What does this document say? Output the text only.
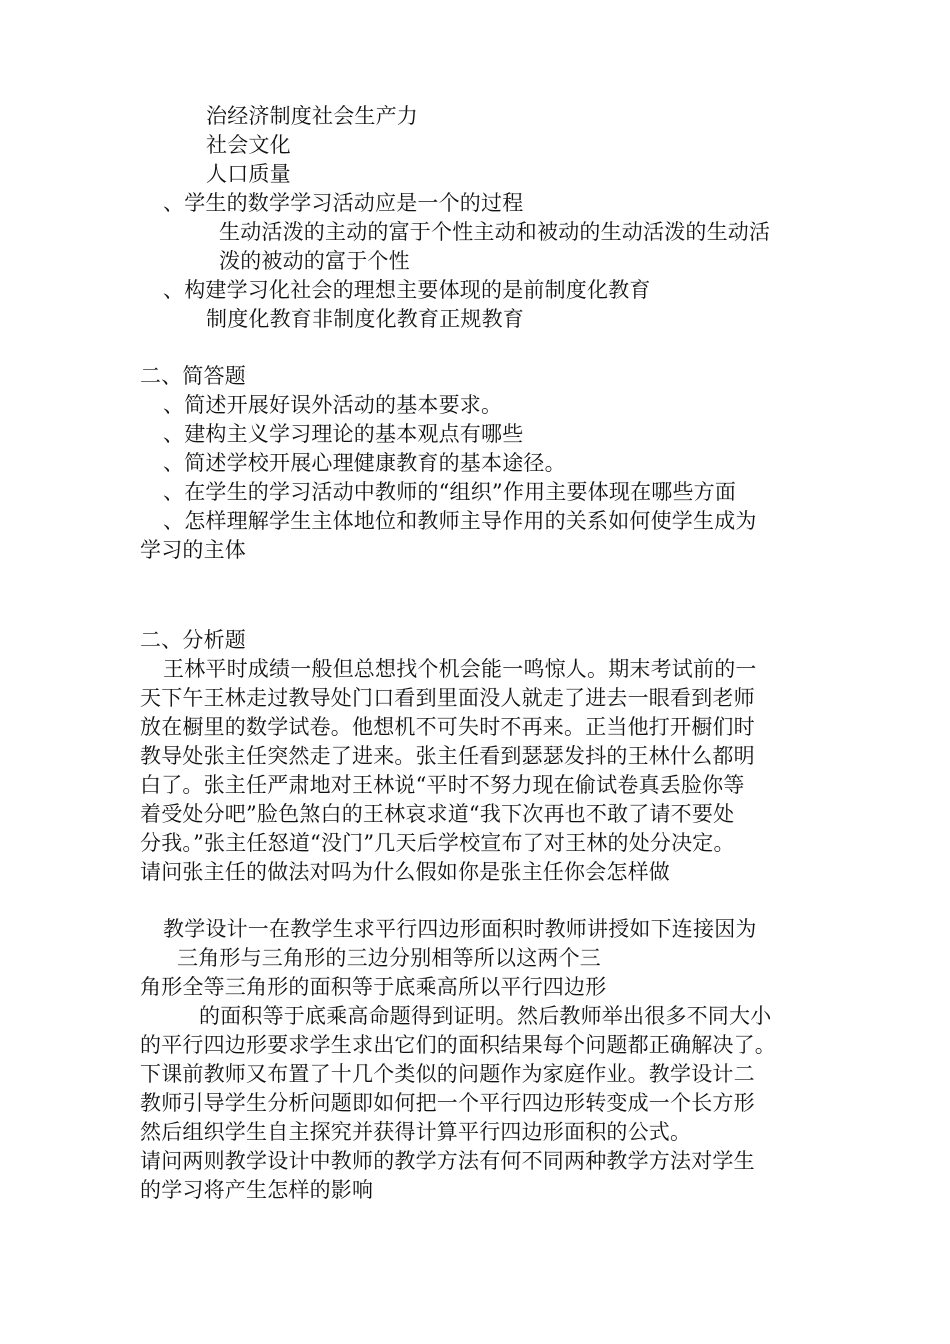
治经济制度社会生产力
社会文化
人口质量
、学生的数学学习活动应是一个的过程
生动活泼的主动的富于个性主动和被动的生动活泼的生动活
泼的被动的富于个性
、构建学习化社会的理想主要体现的是前制度化教育
制度化教育非制度化教育正规教育
二、简答题
、简述开展好误外活动的基本要求。
、建构主义学习理论的基本观点有哪些
、简述学校开展心理健康教育的基本途径。
、在学生的学习活动中教师的“组织”作用主要体现在哪些方面
、怎样理解学生主体地位和教师主导作用的关系如何使学生成为
学习的主体
二、分析题
王林平时成绩一般但总想找个机会能一鸣惊人。期末考试前的一
天下午王林走过教导处门口看到里面没人就走了进去一眼看到老师
放在橱里的数学试卷。他想机不可失时不再来。正当他打开橱们时
教导处张主任突然走了进来。张主任看到瑟瑟发抖的王林什么都明
白了。张主任严肃地对王林说“平时不努力现在偷试卷真丢脸你等
着受处分吧”脸色煞白的王林哀求道“我下次再也不敢了请不要处
分我。”张主任怒道“没门”几天后学校宣布了对王林的处分决定。
请问张主任的做法对吗为什么假如你是张主任你会怎样做
教学设计一在教学生求平行四边形面积时教师讲授如下连接因为
三角形与三角形的三边分别相等所以这两个三
角形全等三角形的面积等于底乘高所以平行四边形
的面积等于底乘高命题得到证明。然后教师举出很多不同大小
的平行四边形要求学生求出它们的面积结果每个问题都正确解决了。
下课前教师又布置了十几个类似的问题作为家庭作业。教学设计二
教师引导学生分析问题即如何把一个平行四边形转变成一个长方形
然后组织学生自主探究并获得计算平行四边形面积的公式。
请问两则教学设计中教师的教学方法有何不同两种教学方法对学生
的学习将产生怎样的影响
